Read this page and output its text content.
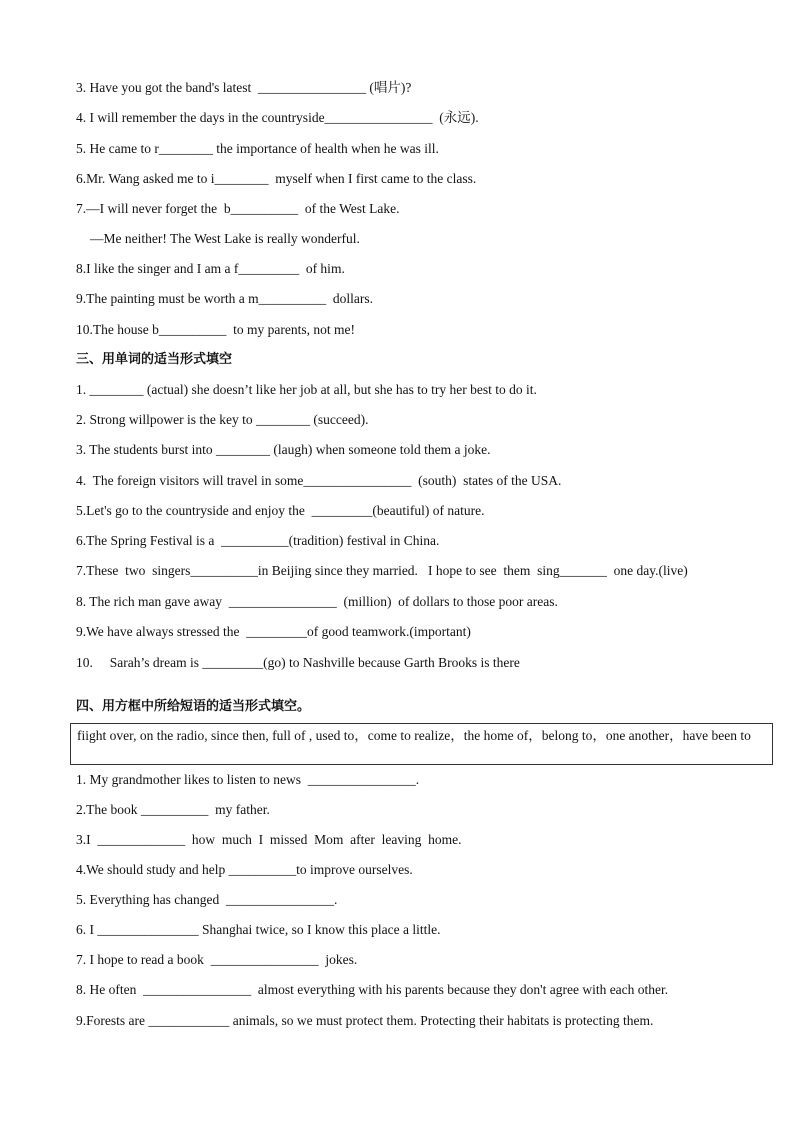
3. Have you got the band's latest  ________________ (唱片)?
4. I will remember the days in the countryside________________  (永远).
5. He came to r________ the importance of health when he was ill.
6.Mr. Wang asked me to i________  myself when I first came to the class.
7.—I will never forget the  b__________  of the West Lake.
—Me neither! The West Lake is really wonderful.
8.I like the singer and I am a f_________  of him.
9.The painting must be worth a m__________  dollars.
10.The house b__________  to my parents, not me!
三、用单词的适当形式填空
1. ________ (actual) she doesn’t like her job at all, but she has to try her best to do it.
2. Strong willpower is the key to ________ (succeed).
3. The students burst into ________ (laugh) when someone told them a joke.
4.  The foreign visitors will travel in some________________  (south)  states of the USA.
5.Let's go to the countryside and enjoy the  _________(beautiful) of nature.
6.The Spring Festival is a  __________(tradition) festival in China.
7.These  two  singers__________in Beijing since they married.   I hope to see  them  sing_______  one day.(live)
8. The rich man gave away  ________________  (million)  of dollars to those poor areas.
9.We have always stressed the  _________of good teamwork.(important)
10.     Sarah’s dream is _________(go) to Nashville because Garth Brooks is there
四、用方框中所给短语的适当形式填空。
fiight over, on the radio, since then, full of , used to，come to realize，the home of，belong to，one another，have been to
1. My grandmother likes to listen to news  ________________.
2.The book __________  my father.
3.I  _____________  how  much  I  missed  Mom  after  leaving  home.
4.We should study and help __________to improve ourselves.
5. Everything has changed  ________________.
6. I _______________ Shanghai twice, so I know this place a little.
7. I hope to read a book  ________________  jokes.
8. He often  ________________  almost everything with his parents because they don't agree with each other.
9.Forests are ____________ animals, so we must protect them. Protecting their habitats is protecting them.
